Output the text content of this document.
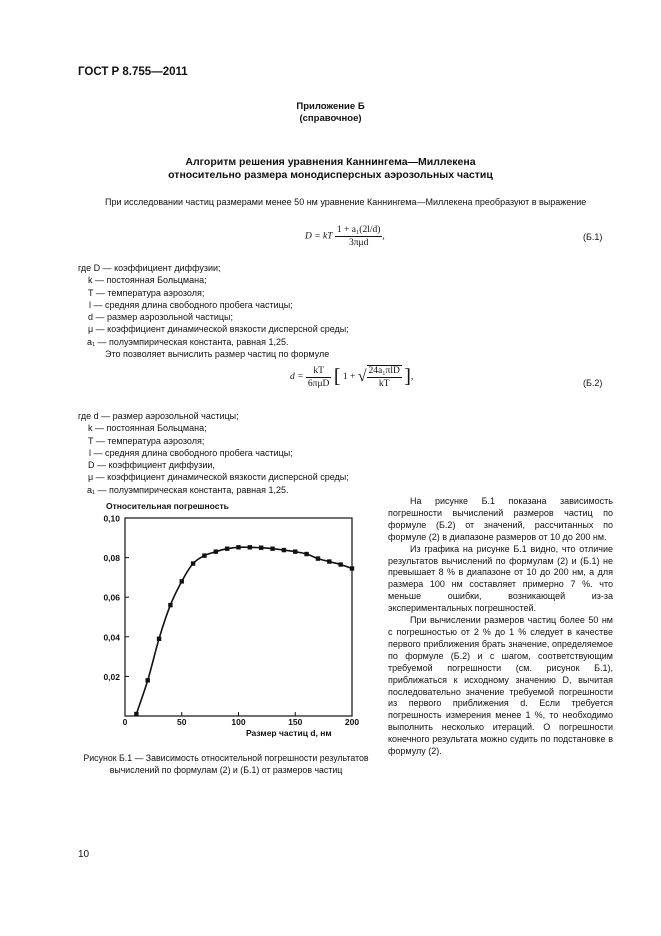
ГОСТ Р 8.755—2011
Приложение Б
(справочное)
Алгоритм решения уравнения Каннингема—Миллекена
относительно размера монодисперсных аэрозольных частиц
При исследовании частиц размерами менее 50 нм уравнение Каннингема—Миллекена преобразуют в выражение
D = kT $\frac{\text{1 + a₁(2l/d)}}{\text{3πμd}}$ ,	(Б.1)
где D — коэффициент диффузии;
k — постоянная Больцмана;
T — температура аэрозоля;
l — средняя длина свободного пробега частицы;
d — размер аэрозольной частицы;
μ — коэффициент динамической вязкости дисперсной среды;
a₁ — полуэмпирическая константа, равная 1,25.
Это позволяет вычислить размер частиц по формуле
$d = \frac{kT}{\text{6πμD}}$ [ 1 + √ $\frac{\text{24a₁πlD}}{kT}$ ],
(Б.2)
где d — размер аэрозольной частицы;
k — постоянная Больцмана;
T — температура аэрозоля;
l — средняя длина свободного пробега частицы;
D — коэффициент диффузии,
μ — коэффициент динамической вязкости дисперсной среды;
a₁ — полуэмпирическая константа, равная 1,25.
Относительная погрешность
0,02
0,04
0,06
0,08
0,10
0	50	100	150	200
Размер частиц d, нм
Рисунок Б.1 — Зависимость относительной погрешности результатов вычислений по формулам (2) и (Б.1) от размеров частиц

На рисунке Б.1 показана зависимость погрешности вычислений размеров частиц по формуле (Б.2) от значений, рассчитанных по формуле (2) в диапазоне размеров от 10 до 200 нм.

Из графика на рисунке Б.1 видно, что отличие результатов вычислений по формулам (2) и (Б.1) не превышает 8 % в диапазоне от 10 до 200 нм, а для размера 100 нм составляет примерно 7 %. что меньше ошибки, возникающей из-за экспериментальных погрешностей.

При вычислении размеров частиц более 50 нм с погрешностью от 2 % до 1 % следует в качестве первого приближения брать значение, определяемое по формуле (Б.2) и с шагом, соответствующим требуемой погрешности (см. рисунок Б.1), приближаться к исходному значению D, вычитая последовательно значение требуемой погрешности из первого приближения d. Если требуется погрешность измерения менее 1 %, то необходимо выполнить несколько итераций. О погрешности конечного результата можно судить по подстановке в формулу (2).

10
